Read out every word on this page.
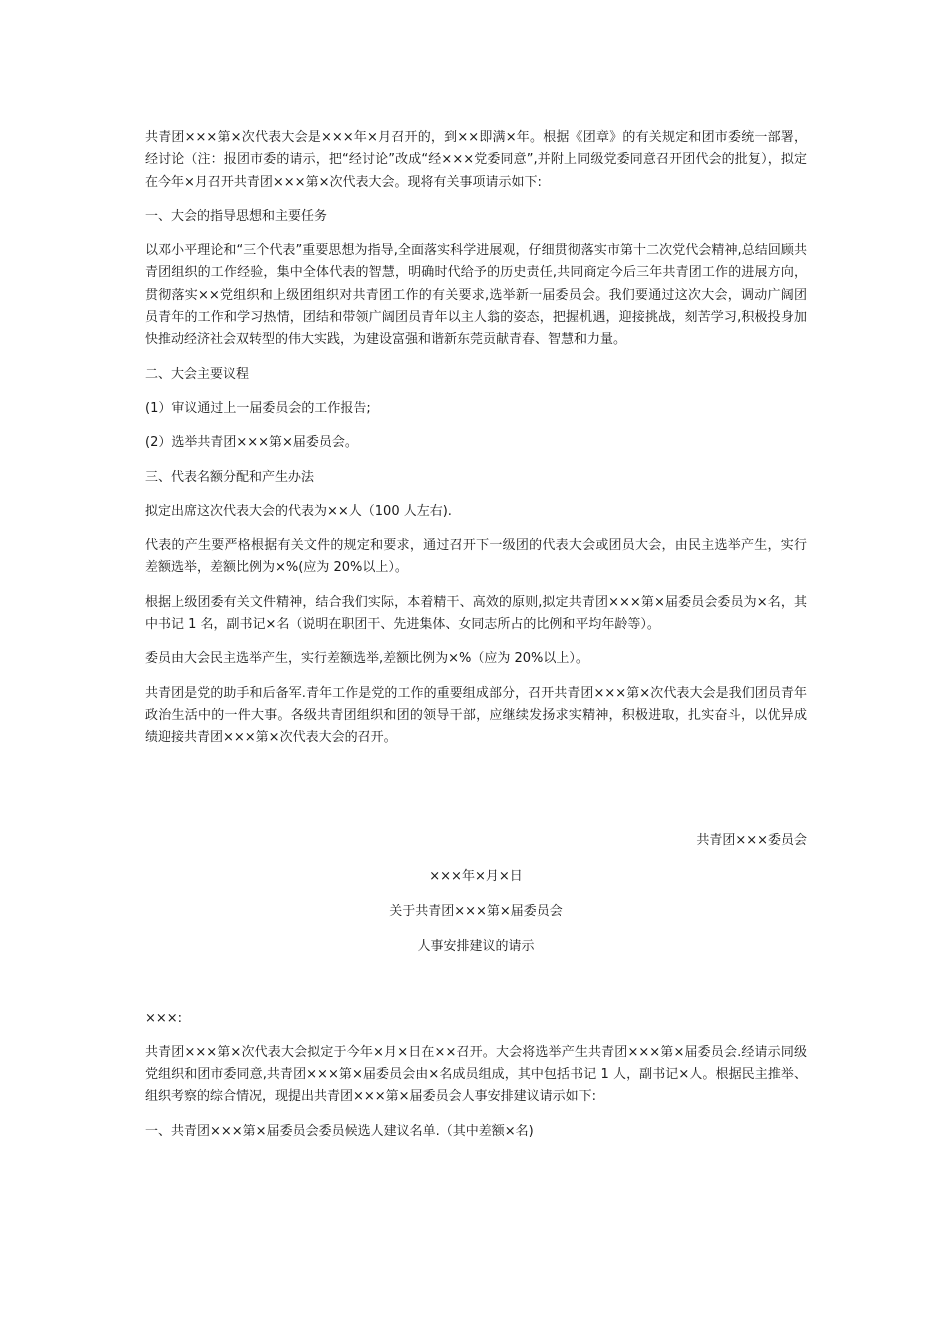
共青团×××第×次代表大会是×××年×月召开的，到××即满×年。根据《团章》的有关规定和团市委统一部署，经讨论（注：报团市委的请示，把“经讨论”改成“经×××党委同意”,并附上同级党委同意召开团代会的批复），拟定在今年×月召开共青团×××第×次代表大会。现将有关事项请示如下:

一、大会的指导思想和主要任务

以邓小平理论和“三个代表”重要思想为指导,全面落实科学进展观，仔细贯彻落实市第十二次党代会精神,总结回顾共青团组织的工作经验，集中全体代表的智慧，明确时代给予的历史责任,共同商定今后三年共青团工作的进展方向，贯彻落实××党组织和上级团组织对共青团工作的有关要求,选举新一届委员会。我们要通过这次大会，调动广阔团员青年的工作和学习热情，团结和带领广阔团员青年以主人翁的姿态，把握机遇，迎接挑战，刻苦学习,积极投身加快推动经济社会双转型的伟大实践，为建设富强和谐新东莞贡献青春、智慧和力量。

二、大会主要议程

(1）审议通过上一届委员会的工作报告;

(2）选举共青团×××第×届委员会。

三、代表名额分配和产生办法

拟定出席这次代表大会的代表为××人（100 人左右).

代表的产生要严格根据有关文件的规定和要求，通过召开下一级团的代表大会或团员大会，由民主选举产生，实行差额选举，差额比例为×%(应为 20%以上）。

根据上级团委有关文件精神，结合我们实际，本着精干、高效的原则,拟定共青团×××第×届委员会委员为×名，其中书记 1 名，副书记×名（说明在职团干、先进集体、女同志所占的比例和平均年龄等）。

委员由大会民主选举产生，实行差额选举,差额比例为×%（应为 20%以上）。

共青团是党的助手和后备军.青年工作是党的工作的重要组成部分，召开共青团×××第×次代表大会是我们团员青年政治生活中的一件大事。各级共青团组织和团的领导干部，应继续发扬求实精神，积极进取，扎实奋斗，以优异成绩迎接共青团×××第×次代表大会的召开。

共青团×××委员会

×××年×月×日

关于共青团×××第×届委员会

人事安排建议的请示

×××:

共青团×××第×次代表大会拟定于今年×月×日在××召开。大会将选举产生共青团×××第×届委员会.经请示同级党组织和团市委同意,共青团×××第×届委员会由×名成员组成，其中包括书记 1 人，副书记×人。根据民主推举、组织考察的综合情况，现提出共青团×××第×届委员会人事安排建议请示如下:

一、共青团×××第×届委员会委员候选人建议名单.（其中差额×名)
